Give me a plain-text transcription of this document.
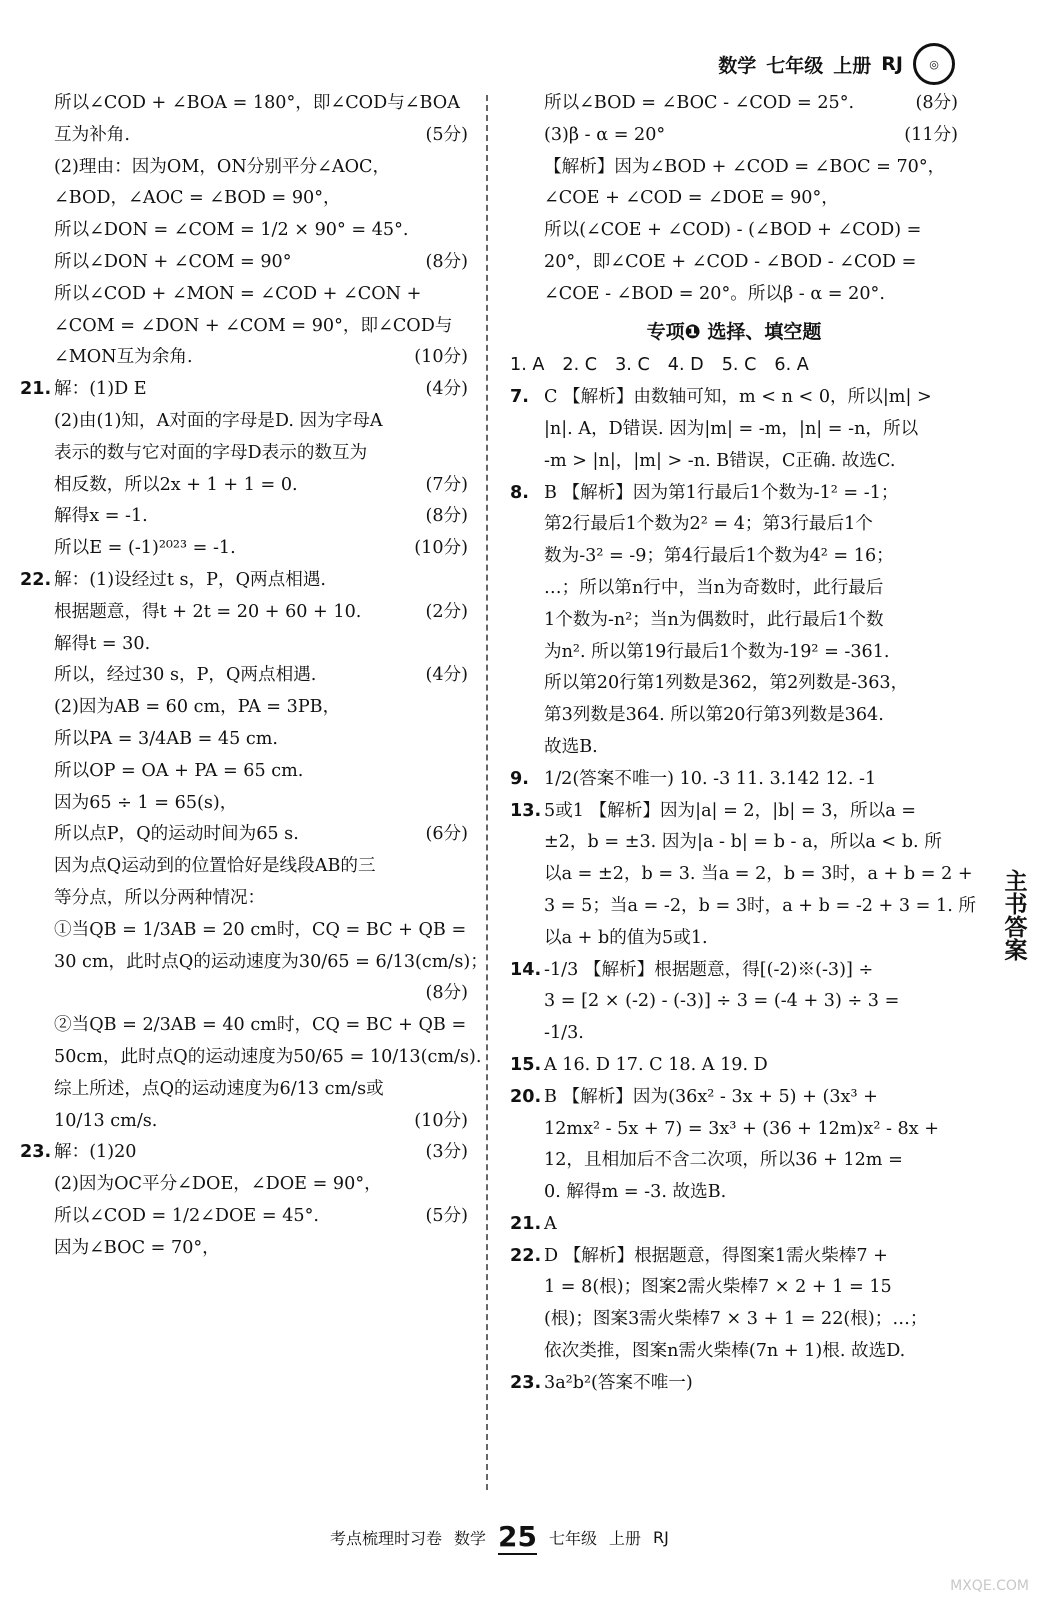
数学 七年级 上册 RJ	◎
所以∠COD + ∠BOA = 180°，即∠COD与∠BOA
互为补角.	(5分)
(2)理由：因为OM，ON分别平分∠AOC，
∠BOD，∠AOC = ∠BOD = 90°，
所以∠DON = ∠COM = 1/2 × 90° = 45°.
所以∠DON + ∠COM = 90°	(8分)
所以∠COD + ∠MON = ∠COD + ∠CON +
∠COM = ∠DON + ∠COM = 90°，即∠COD与
∠MON互为余角.	(10分)
21. 解：(1)D E	(4分)
(2)由(1)知，A对面的字母是D. 因为字母A
表示的数与它对面的字母D表示的数互为
相反数，所以2x + 1 + 1 = 0.	(7分)
解得x = -1.	(8分)
所以E = (-1)²⁰²³ = -1.	(10分)
22. 解：(1)设经过t s，P，Q两点相遇.
根据题意，得t + 2t = 20 + 60 + 10.	(2分)
解得t = 30.
所以，经过30 s，P，Q两点相遇.	(4分)
(2)因为AB = 60 cm，PA = 3PB，
所以PA = 3/4AB = 45 cm.
所以OP = OA + PA = 65 cm.
因为65 ÷ 1 = 65(s)，
所以点P，Q的运动时间为65 s.	(6分)
因为点Q运动到的位置恰好是线段AB的三
等分点，所以分两种情况：
①当QB = 1/3AB = 20 cm时，CQ = BC + QB =
30 cm，此时点Q的运动速度为30/65 = 6/13(cm/s)；
(8分)
②当QB = 2/3AB = 40 cm时，CQ = BC + QB =
50cm，此时点Q的运动速度为50/65 = 10/13(cm/s).
综上所述，点Q的运动速度为6/13 cm/s或
10/13 cm/s.	(10分)
23. 解：(1)20	(3分)
(2)因为OC平分∠DOE，∠DOE = 90°，
所以∠COD = 1/2∠DOE = 45°.	(5分)
因为∠BOC = 70°，
所以∠BOD = ∠BOC - ∠COD = 25°.	(8分)
(3)β - α = 20°	(11分)
【解析】因为∠BOD + ∠COD = ∠BOC = 70°，
∠COE + ∠COD = ∠DOE = 90°，
所以(∠COE + ∠COD) - (∠BOD + ∠COD) =
20°，即∠COE + ∠COD - ∠BOD - ∠COD =
∠COE - ∠BOD = 20°。所以β - α = 20°.
专项❶ 选择、填空题
1. A 2. C 3. C 4. D 5. C 6. A
7. C 【解析】由数轴可知，m < n < 0，所以|m| >
|n|. A，D错误. 因为|m| = -m，|n| = -n，所以
-m > |n|，|m| > -n. B错误，C正确. 故选C.
8. B 【解析】因为第1行最后1个数为-1² = -1；
第2行最后1个数为2² = 4；第3行最后1个
数为-3² = -9；第4行最后1个数为4² = 16；
…；所以第n行中，当n为奇数时，此行最后
1个数为-n²；当n为偶数时，此行最后1个数
为n². 所以第19行最后1个数为-19² = -361.
所以第20行第1列数是362，第2列数是-363，
第3列数是364. 所以第20行第3列数是364.
故选B.
9. 1/2(答案不唯一) 10. -3 11. 3.142 12. -1
13. 5或1 【解析】因为|a| = 2，|b| = 3，所以a =
±2，b = ±3. 因为|a - b| = b - a，所以a < b. 所
以a = ±2，b = 3. 当a = 2，b = 3时，a + b = 2 +
3 = 5；当a = -2，b = 3时，a + b = -2 + 3 = 1. 所
以a + b的值为5或1.
14. -1/3 【解析】根据题意，得[(-2)※(-3)] ÷
3 = [2 × (-2) - (-3)] ÷ 3 = (-4 + 3) ÷ 3 =
-1/3.
15. A 16. D 17. C 18. A 19. D
20. B 【解析】因为(36x² - 3x + 5) + (3x³ +
12mx² - 5x + 7) = 3x³ + (36 + 12m)x² - 8x +
12，且相加后不含二次项，所以36 + 12m =
0. 解得m = -3. 故选B.
21. A
22. D 【解析】根据题意，得图案1需火柴棒7 +
1 = 8(根)；图案2需火柴棒7 × 2 + 1 = 15
(根)；图案3需火柴棒7 × 3 + 1 = 22(根)；…；
依次类推，图案n需火柴棒(7n + 1)根. 故选D.
23. 3a²b²(答案不唯一)
主书答案
考点梳理时习卷 数学 25 七年级 上册 RJ
MXQE.COM
